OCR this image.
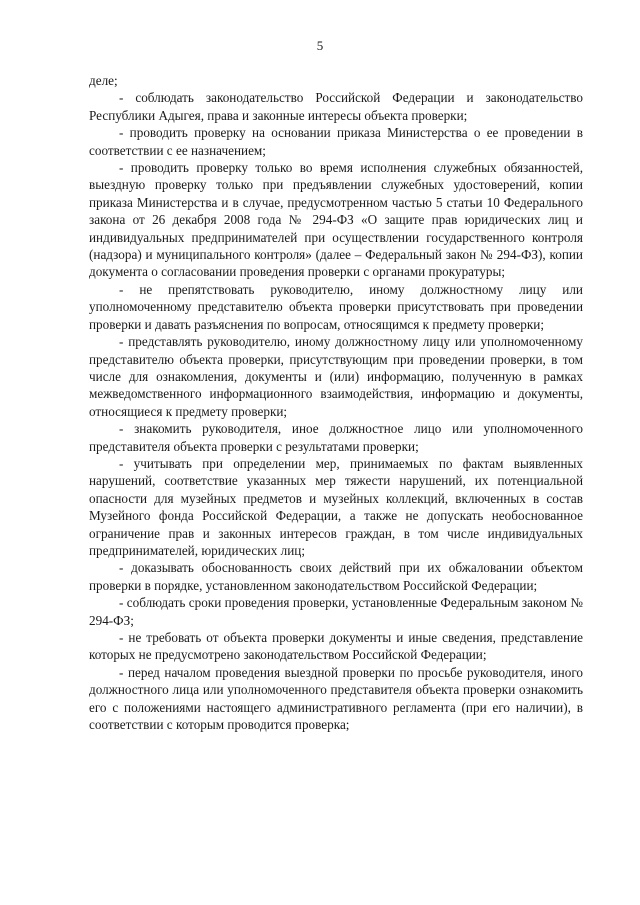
5

деле;

- соблюдать законодательство Российской Федерации и законодательство Республики Адыгея, права и законные интересы объекта проверки;

- проводить проверку на основании приказа Министерства о ее проведении в соответствии с ее назначением;

- проводить проверку только во время исполнения служебных обязанностей, выездную проверку только при предъявлении служебных удостоверений, копии приказа Министерства и в случае, предусмотренном частью 5 статьи 10 Федерального закона от 26 декабря 2008 года № 294-ФЗ «О защите прав юридических лиц и индивидуальных предпринимателей при осуществлении государственного контроля (надзора) и муниципального контроля» (далее – Федеральный закон № 294-ФЗ), копии документа о согласовании проведения проверки с органами прокуратуры;

- не препятствовать руководителю, иному должностному лицу или уполномоченному представителю объекта проверки присутствовать при проведении проверки и давать разъяснения по вопросам, относящимся к предмету проверки;

- представлять руководителю, иному должностному лицу или уполномоченному представителю объекта проверки, присутствующим при проведении проверки, в том числе для ознакомления, документы и (или) информацию, полученную в рамках межведомственного информационного взаимодействия, информацию и документы, относящиеся к предмету проверки;

- знакомить руководителя, иное должностное лицо или уполномоченного представителя объекта проверки с результатами проверки;

- учитывать при определении мер, принимаемых по фактам выявленных нарушений, соответствие указанных мер тяжести нарушений, их потенциальной опасности для музейных предметов и музейных коллекций, включенных в состав Музейного фонда Российской Федерации, а также не допускать необоснованное ограничение прав и законных интересов граждан, в том числе индивидуальных предпринимателей, юридических лиц;

- доказывать обоснованность своих действий при их обжаловании объектом проверки в порядке, установленном законодательством Российской Федерации;

- соблюдать сроки проведения проверки, установленные Федеральным законом № 294-ФЗ;

- не требовать от объекта проверки документы и иные сведения, представление которых не предусмотрено законодательством Российской Федерации;

- перед началом проведения выездной проверки по просьбе руководителя, иного должностного лица или уполномоченного представителя объекта проверки ознакомить его с положениями настоящего административного регламента (при его наличии), в соответствии с которым проводится проверка;
